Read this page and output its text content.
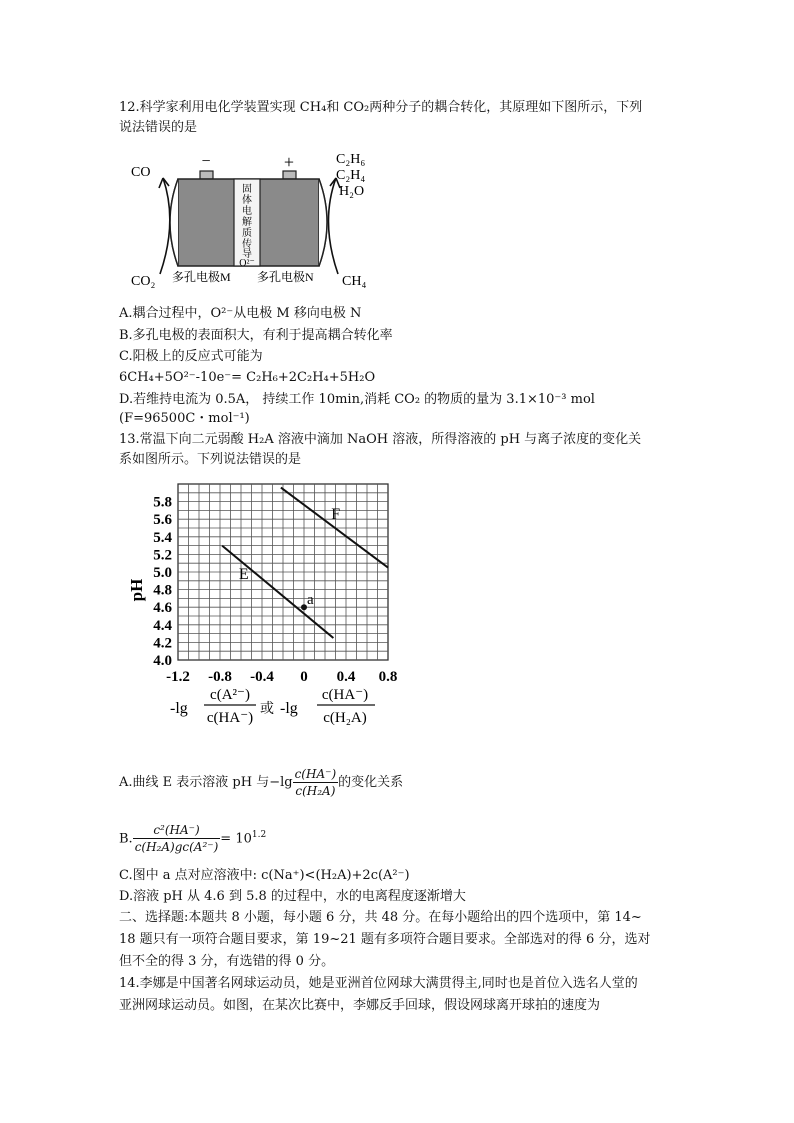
12.科学家利用电化学装置实现 CH₄和 CO₂两种分子的耦合转化，其原理如下图所示，下列
说法错误的是
−	+
固
体
电
解
质
传
导
O²⁻
CO
CO₂
C₂H₆
C₂H₄
H₂O
CH₄
多孔电极M 多孔电极N
A.耦合过程中，O²⁻从电极 M 移向电极 N
B.多孔电极的表面积大，有利于提高耦合转化率
C.阳极上的反应式可能为
6CH₄+5O²⁻-10e⁻= C₂H₆+2C₂H₄+5H₂O
D.若维持电流为 0.5A， 持续工作 10min,消耗 CO₂ 的物质的量为 3.1×10⁻³ mol
(F=96500C・mol⁻¹)
13.常温下向二元弱酸 H₂A 溶液中滴加 NaOH 溶液，所得溶液的 pH 与离子浓度的变化关
系如图所示。下列说法错误的是
E
F
a
5.8
5.6
5.4
5.2
5.0
4.8
4.6
4.4
4.2
4.0
-1.2 -0.8 -0.4 0 0.4 0.8
pH
-lg
c(A²⁻)
c(HA⁻)
或 -lg
c(HA⁻)
c(H₂A)
A.曲线 E 表示溶液 pH 与$-\lg \frac{c(HA^-)}{\text{c(H₂A)}}$ 的变化关系
B. $\frac{\text{c²(HA⁻)}}{\text{c(H₂A)gc(A²⁻)}} = 10^{1.2}$
C.图中 a 点对应溶液中: c(Na⁺)<(H₂A)+2c(A²⁻)
D.溶液 pH 从 4.6 到 5.8 的过程中，水的电离程度逐渐增大
二、选择题:本题共 8 小题，每小题 6 分，共 48 分。在每小题给出的四个选项中，第 14~
18 题只有一项符合题目要求，第 19~21 题有多项符合题目要求。全部选对的得 6 分，选对
但不全的得 3 分，有选错的得 0 分。
14.李娜是中国著名网球运动员，她是亚洲首位网球大满贯得主,同时也是首位入选名人堂的
亚洲网球运动员。如图，在某次比赛中，李娜反手回球，假设网球离开球拍的速度为
